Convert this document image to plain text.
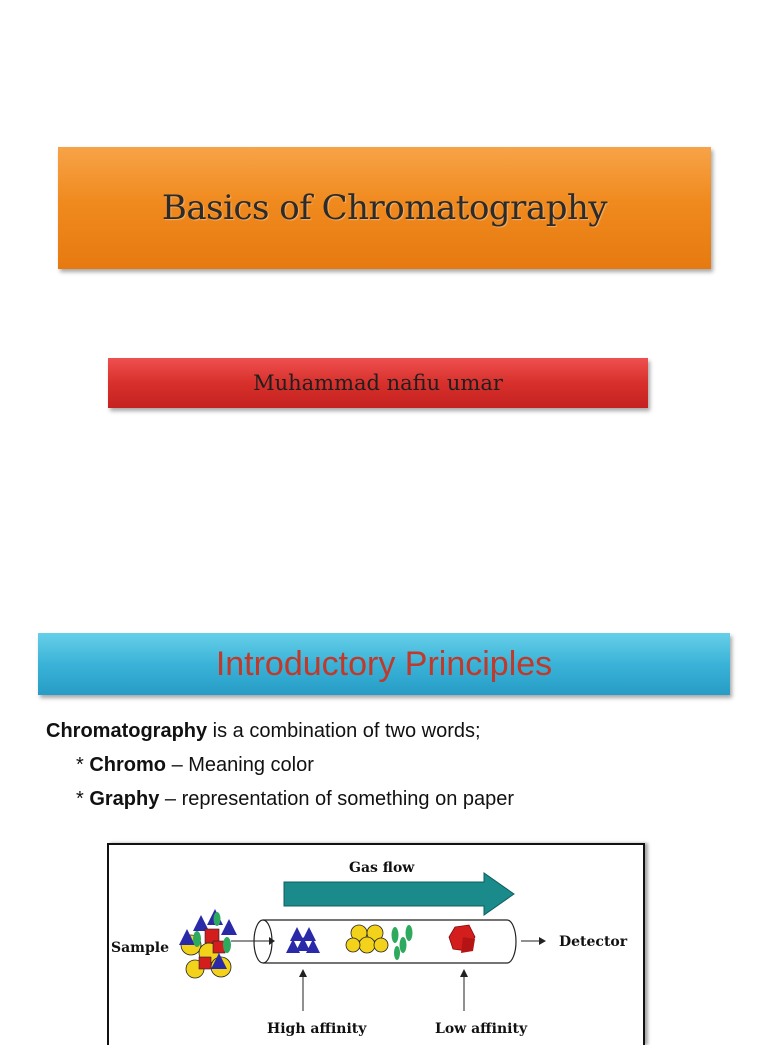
Basics of Chromatography
Muhammad nafiu umar
Introductory Principles
Chromatography is a combination of two words;
* Chromo – Meaning color
* Graphy – representation of something on paper
Gas flow
Sample	Detector
High affinity	Low affinity
